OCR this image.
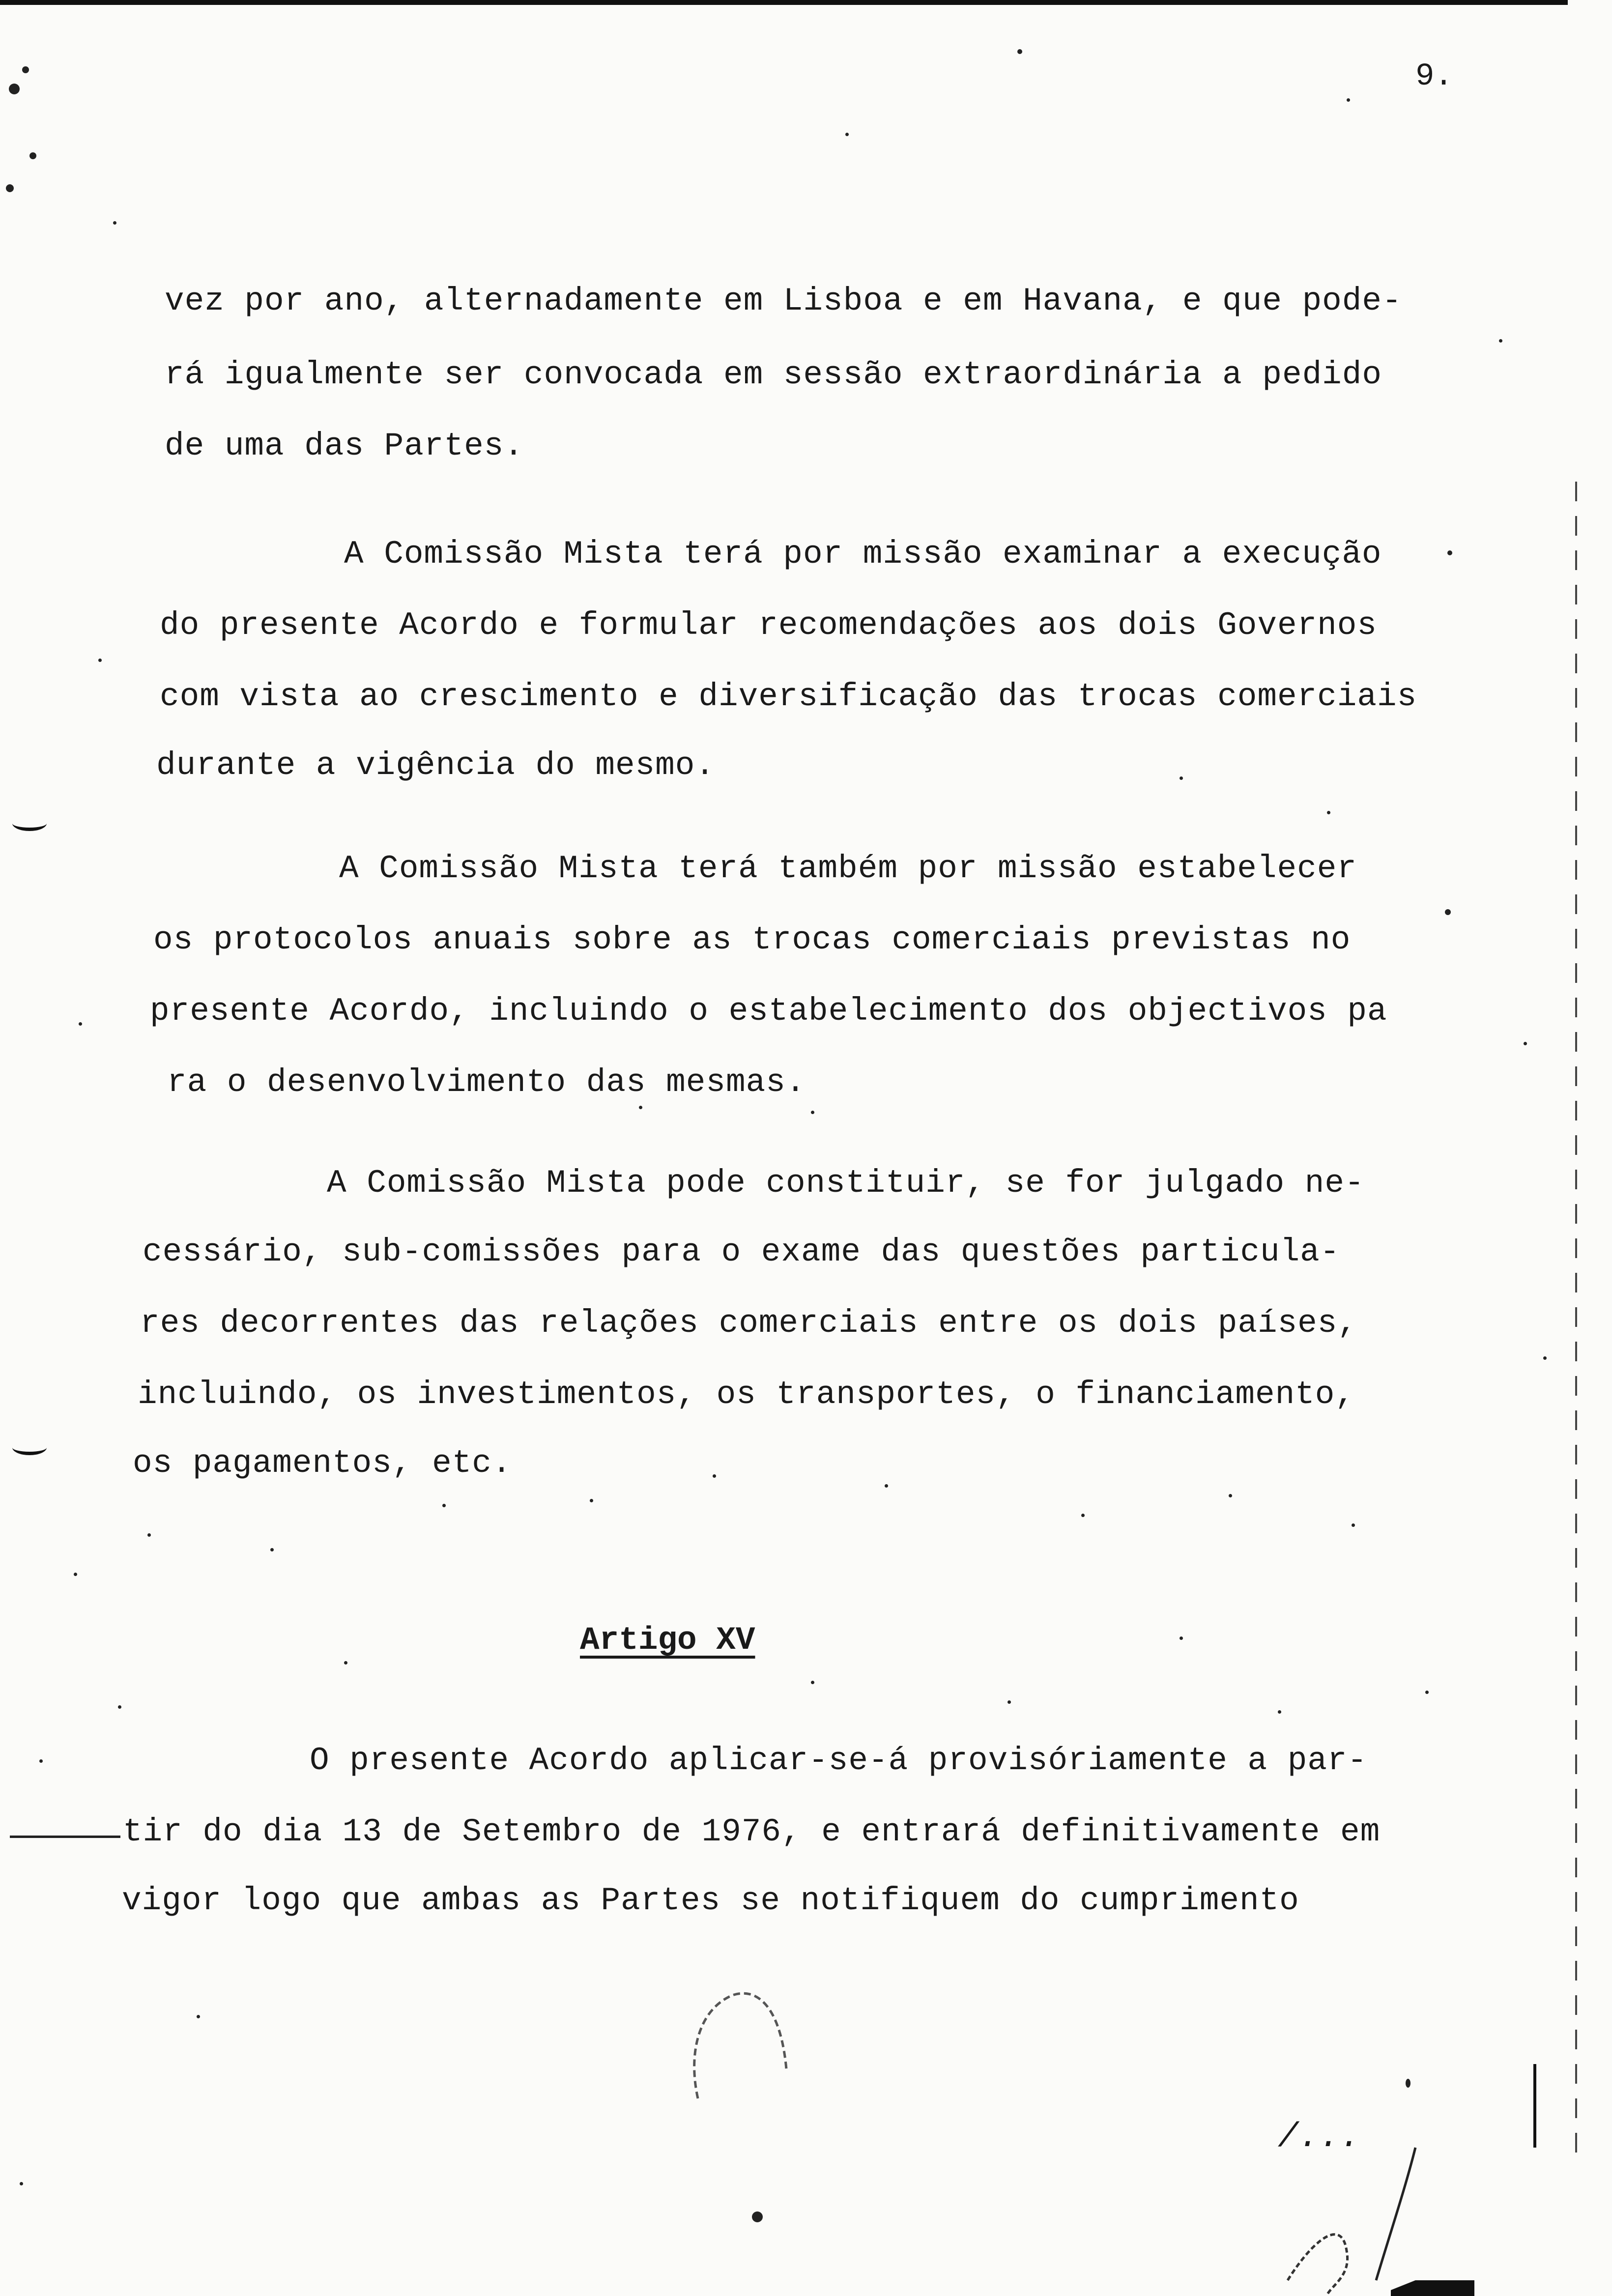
9.
vez por ano, alternadamente em Lisboa e em Havana, e que pode-
rá igualmente ser convocada em sessão extraordinária a pedido
de uma das Partes.
A Comissão Mista terá por missão examinar a execução
do presente Acordo e formular recomendações aos dois Governos
com vista ao crescimento e diversificação das trocas comerciais
durante a vigência do mesmo.
A Comissão Mista terá também por missão estabelecer
os protocolos anuais sobre as trocas comerciais previstas no
presente Acordo, incluindo o estabelecimento dos objectivos pa
ra o desenvolvimento das mesmas.
A Comissão Mista pode constituir, se for julgado ne-
cessário, sub-comissões para o exame das questões particula-
res decorrentes das relações comerciais entre os dois países,
incluindo, os investimentos, os transportes, o financiamento,
os pagamentos, etc.
Artigo XV
O presente Acordo aplicar-se-á provisóriamente a par-
tir do dia 13 de Setembro de 1976, e entrará definitivamente em
vigor logo que ambas as Partes se notifiquem do cumprimento
/...
